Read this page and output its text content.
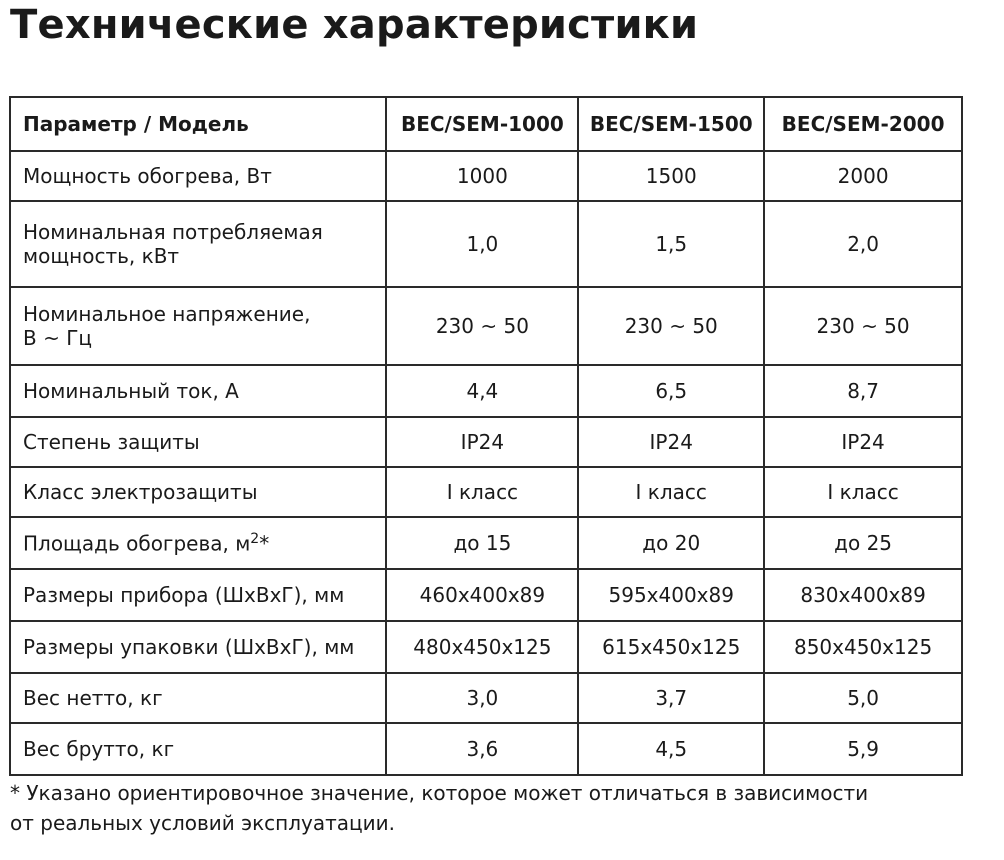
Технические характеристики
Параметр / Модель	BEC/SEM-1000	BEC/SEM-1500	BEC/SEM-2000
Мощность обогрева, Вт	1000	1500	2000
Номинальная потребляемая
мощность, кВт	1,0	1,5	2,0
Номинальное напряжение,
В ~ Гц	230 ~ 50	230 ~ 50	230 ~ 50
Номинальный ток, А	4,4	6,5	8,7
Степень защиты	IP24	IP24	IP24
Класс электрозащиты	I класс	I класс	I класс
Площадь обогрева, $м^2*$	до 15	до 20	до 25
Размеры прибора (ШхВхГ), мм	460х400х89	595х400х89	830х400х89
Размеры упаковки (ШхВхГ), мм	480х450х125	615х450х125	850х450х125
Вес нетто, кг	3,0	3,7	5,0
Вес брутто, кг	3,6	4,5	5,9
* Указано ориентировочное значение, которое может отличаться в зависимости
от реальных условий эксплуатации.
